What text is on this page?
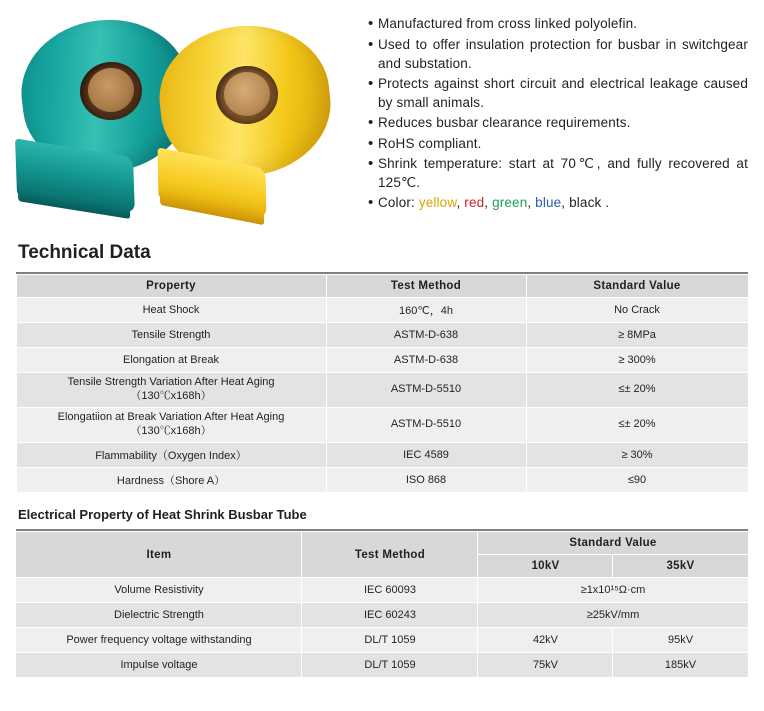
• Manufactured from cross linked polyolefin.
• Used to offer insulation protection for busbar in switchgear and substation.
• Protects against short circuit and electrical leakage caused by small animals.
• Reduces busbar clearance requirements.
• RoHS compliant.
• Shrink temperature: start at 70℃, and fully recovered at 125℃.
• Color: yellow, red, green, blue, black .
Technical Data
Property	Test Method	Standard Value
Heat Shock	160℃，4h	No Crack
Tensile Strength	ASTM-D-638	≥ 8MPa
Elongation at Break	ASTM-D-638	≥ 300%

Tensile Strength Variation After Heat Aging
（130℃x168h）	ASTM-D-5510	≤± 20%

Elongatiion at Break Variation After Heat Aging
（130℃x168h）	ASTM-D-5510	≤± 20%
Flammability（Oxygen Index）	IEC 4589	≥ 30%
Hardness（Shore A）	ISO 868	≤90
Electrical Property of Heat Shrink Busbar Tube
Item	Test Method	Standard Value	
		10kV	35kV
Volume Resistivity	IEC 60093	≥1x10¹⁵Ω·cm	
Dielectric Strength	IEC 60243	≥25kV/mm	
Power frequency voltage withstanding	DL/T 1059	42kV	95kV
Impulse voltage	DL/T 1059	75kV	185kV
